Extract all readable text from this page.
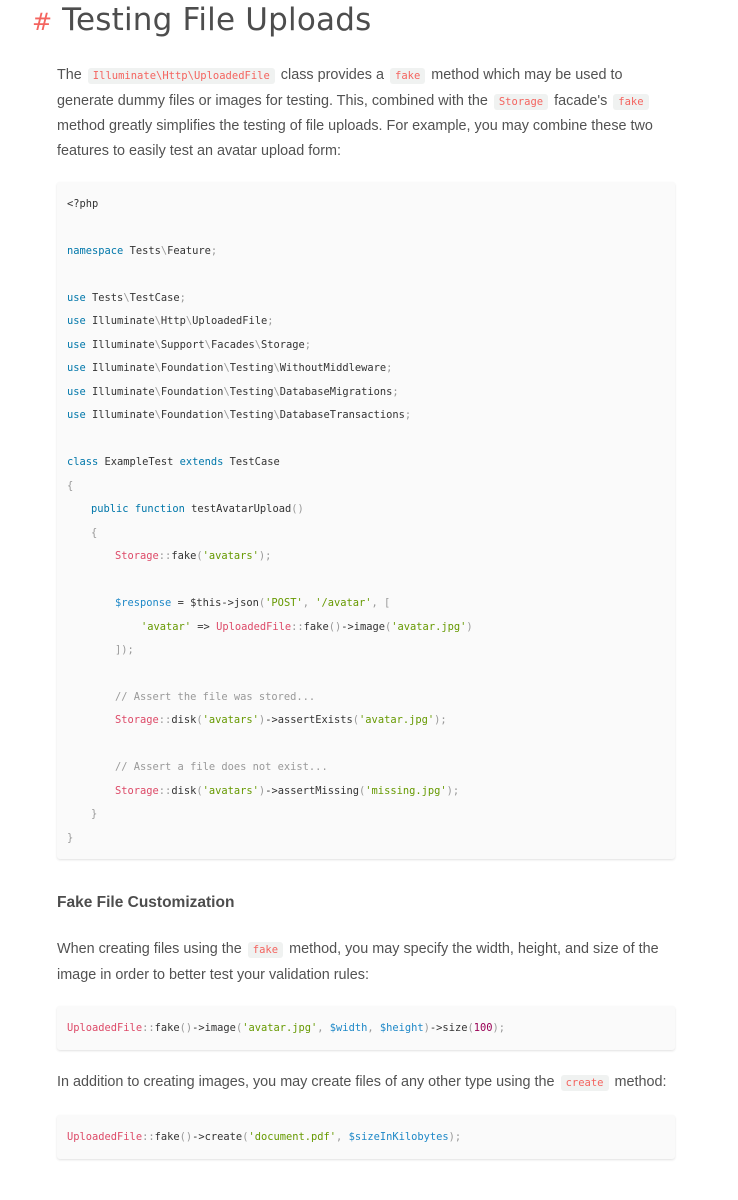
# Testing File Uploads

The Illuminate\Http\UploadedFile class provides a fake method which may be used to generate dummy files or images for testing. This, combined with the Storage facade's fake method greatly simplifies the testing of file uploads. For example, you may combine these two features to easily test an avatar upload form:

<?php
namespace Tests\Feature;
use Tests\TestCase;
use Illuminate\Http\UploadedFile;
use Illuminate\Support\Facades\Storage;
use Illuminate\Foundation\Testing\WithoutMiddleware;
use Illuminate\Foundation\Testing\DatabaseMigrations;
use Illuminate\Foundation\Testing\DatabaseTransactions;
class ExampleTest extends TestCase
{
public function testAvatarUpload()
{
Storage::fake('avatars');
$response = $this->json('POST', '/avatar', [
'avatar' => UploadedFile::fake()->image('avatar.jpg')
]);
// Assert the file was stored...
Storage::disk('avatars')->assertExists('avatar.jpg');
// Assert a file does not exist...
Storage::disk('avatars')->assertMissing('missing.jpg');
}
}
Fake File Customization

When creating files using the fake method, you may specify the width, height, and size of the image in order to better test your validation rules:

UploadedFile::fake()->image('avatar.jpg', $width, $height)->size(100);

In addition to creating images, you may create files of any other type using the create method:

UploadedFile::fake()->create('document.pdf', $sizeInKilobytes);
